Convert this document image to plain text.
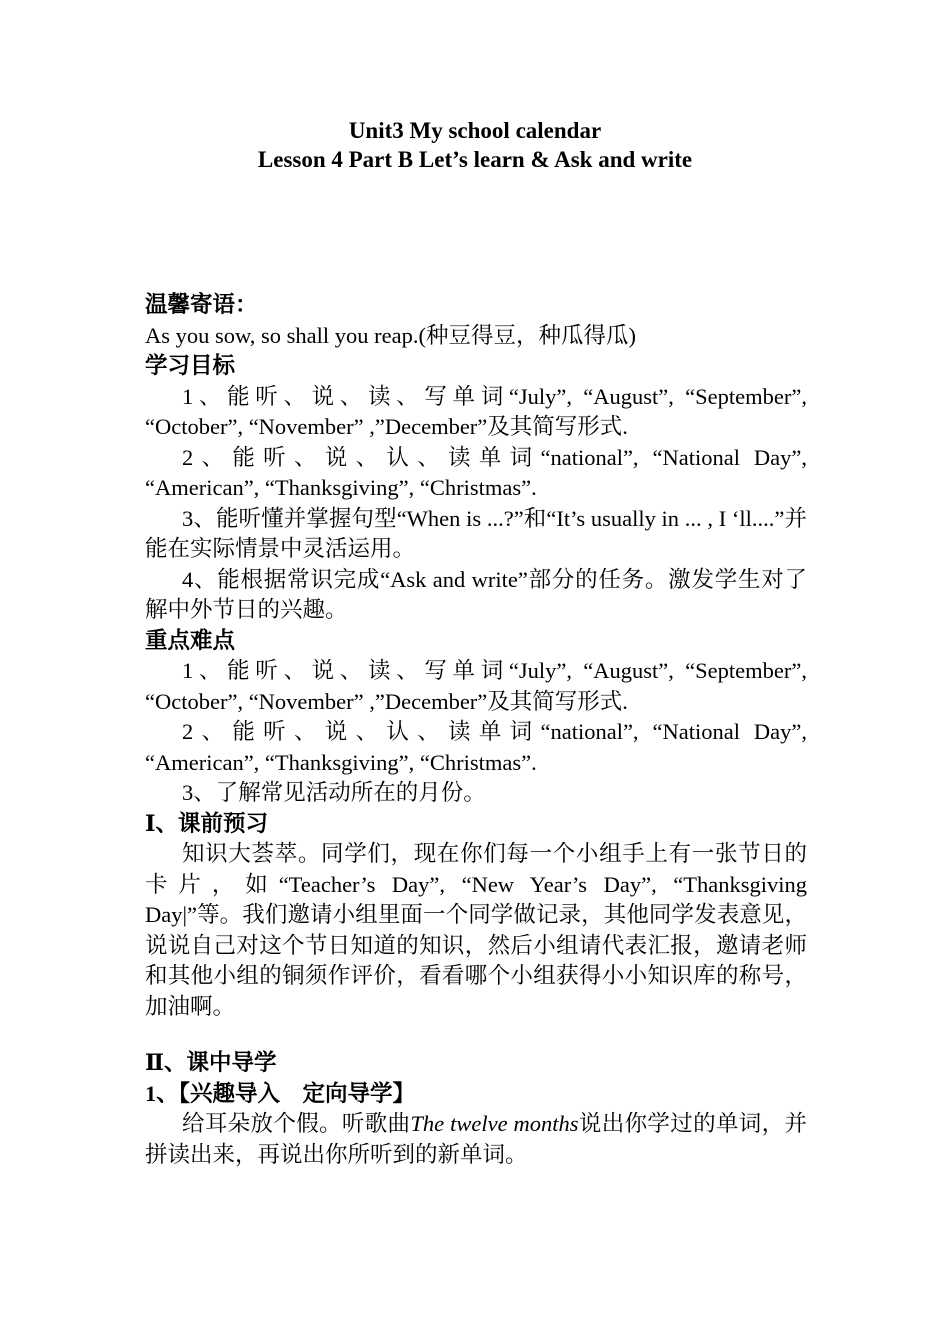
Unit3 My school calendar
Lesson 4 Part B Let’s learn & Ask and write

温馨寄语：

As you sow, so shall you reap.(种豆得豆，种瓜得瓜)

学习目标

1、能听、说、读、写单词“July”, “August”, “September”, “October”, “November” ,”December”及其简写形式.

2、能听、说、认、读单词“national”, “National Day”, “American”, “Thanksgiving”, “Christmas”.

3、能听懂并掌握句型“When is ...?”和“It’s usually in ... , I ‘ll....”并能在实际情景中灵活运用。

4、能根据常识完成“Ask and write”部分的任务。激发学生对了解中外节日的兴趣。

重点难点

1、能听、说、读、写单词“July”, “August”, “September”, “October”, “November” ,”December”及其简写形式.

2、能听、说、认、读单词“national”, “National Day”, “American”, “Thanksgiving”, “Christmas”.

3、了解常见活动所在的月份。

Ⅰ、课前预习

知识大荟萃。同学们，现在你们每一个小组手上有一张节日的卡片，如“Teacher’s Day”, “New Year’s Day”, “Thanksgiving Day|”等。我们邀请小组里面一个同学做记录，其他同学发表意见，说说自己对这个节日知道的知识，然后小组请代表汇报，邀请老师和其他小组的铜须作评价，看看哪个小组获得小小知识库的称号，加油啊。

Ⅱ、课中导学

1、【兴趣导入　定向导学】

给耳朵放个假。听歌曲The twelve months说出你学过的单词，并拼读出来，再说出你所听到的新单词。
